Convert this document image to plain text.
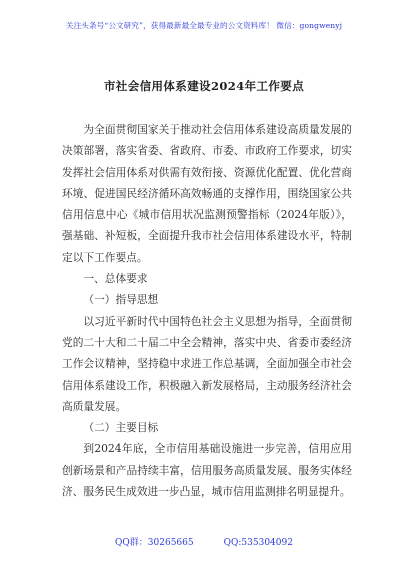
关注头条号“公文研究”，获得最新最全最专业的公文资料库！ 微信：gongwenyj
市社会信用体系建设2024年工作要点

为全面贯彻国家关于推动社会信用体系建设高质量发展的决策部署，落实省委、省政府、市委、市政府工作要求，切实发挥社会信用体系对供需有效衔接、资源优化配置、优化营商环境、促进国民经济循环高效畅通的支撑作用，围绕国家公共信用信息中心《城市信用状况监测预警指标（2024年版）》，强基础、补短板，全面提升我市社会信用体系建设水平，特制定以下工作要点。

一、总体要求

（一）指导思想

以习近平新时代中国特色社会主义思想为指导，全面贯彻党的二十大和二十届二中全会精神，落实中央、省委市委经济工作会议精神，坚持稳中求进工作总基调，全面加强全市社会信用体系建设工作，积极融入新发展格局，主动服务经济社会高质量发展。

（二）主要目标

到2024年底，全市信用基础设施进一步完善，信用应用创新场景和产品持续丰富，信用服务高质量发展、服务实体经济、服务民生成效进一步凸显，城市信用监测排名明显提升。

QQ群：30265665	QQ:535304092
